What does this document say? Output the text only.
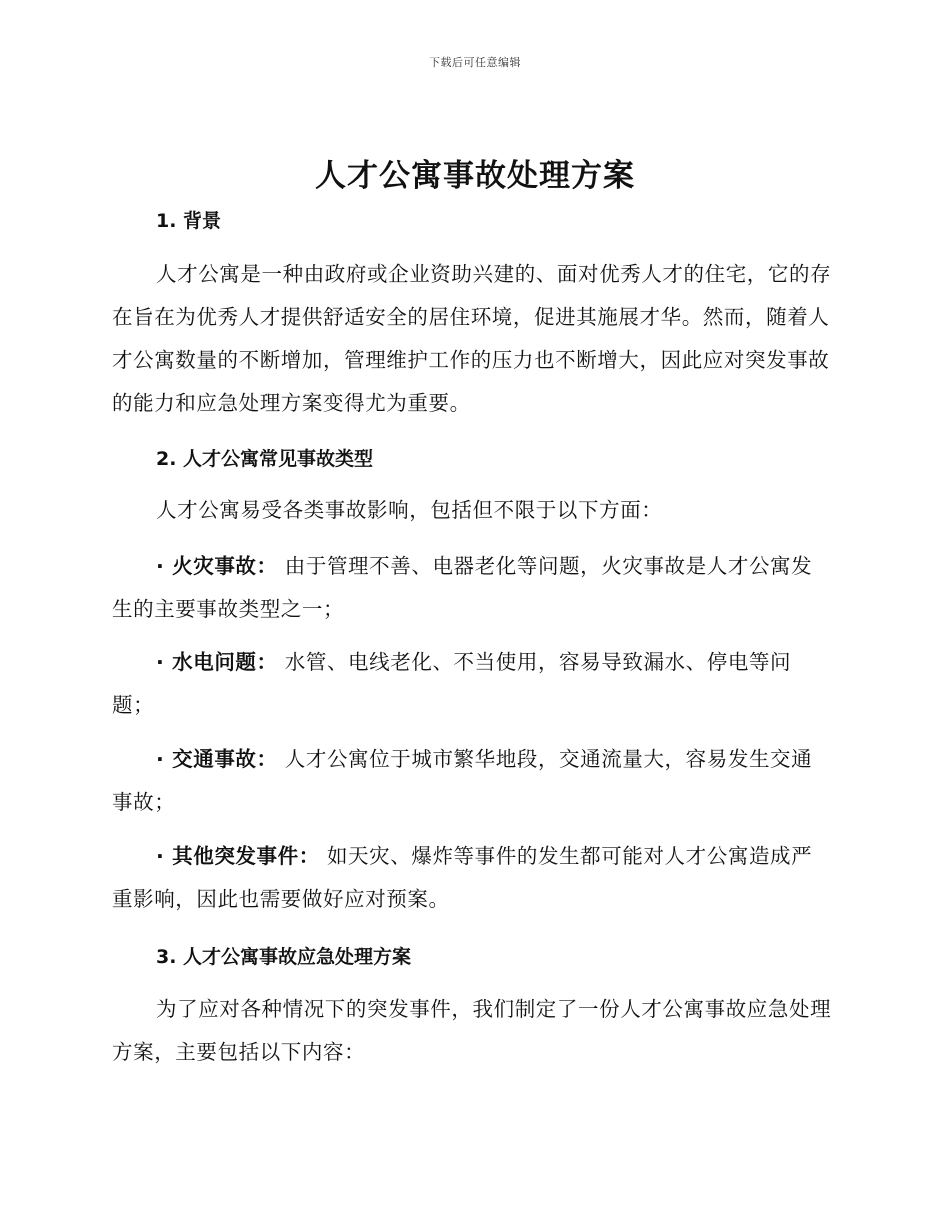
下载后可任意编辑
人才公寓事故处理方案
1. 背景
人才公寓是一种由政府或企业资助兴建的、面对优秀人才的住宅，它的存在旨在为优秀人才提供舒适安全的居住环境，促进其施展才华。然而，随着人才公寓数量的不断增加，管理维护工作的压力也不断增大，因此应对突发事故的能力和应急处理方案变得尤为重要。
2. 人才公寓常见事故类型
人才公寓易受各类事故影响，包括但不限于以下方面：
· 火灾事故： 由于管理不善、电器老化等问题，火灾事故是人才公寓发生的主要事故类型之一；
· 水电问题： 水管、电线老化、不当使用，容易导致漏水、停电等问题；
· 交通事故： 人才公寓位于城市繁华地段，交通流量大，容易发生交通事故；
· 其他突发事件： 如天灾、爆炸等事件的发生都可能对人才公寓造成严重影响，因此也需要做好应对预案。
3. 人才公寓事故应急处理方案
为了应对各种情况下的突发事件，我们制定了一份人才公寓事故应急处理方案，主要包括以下内容：
